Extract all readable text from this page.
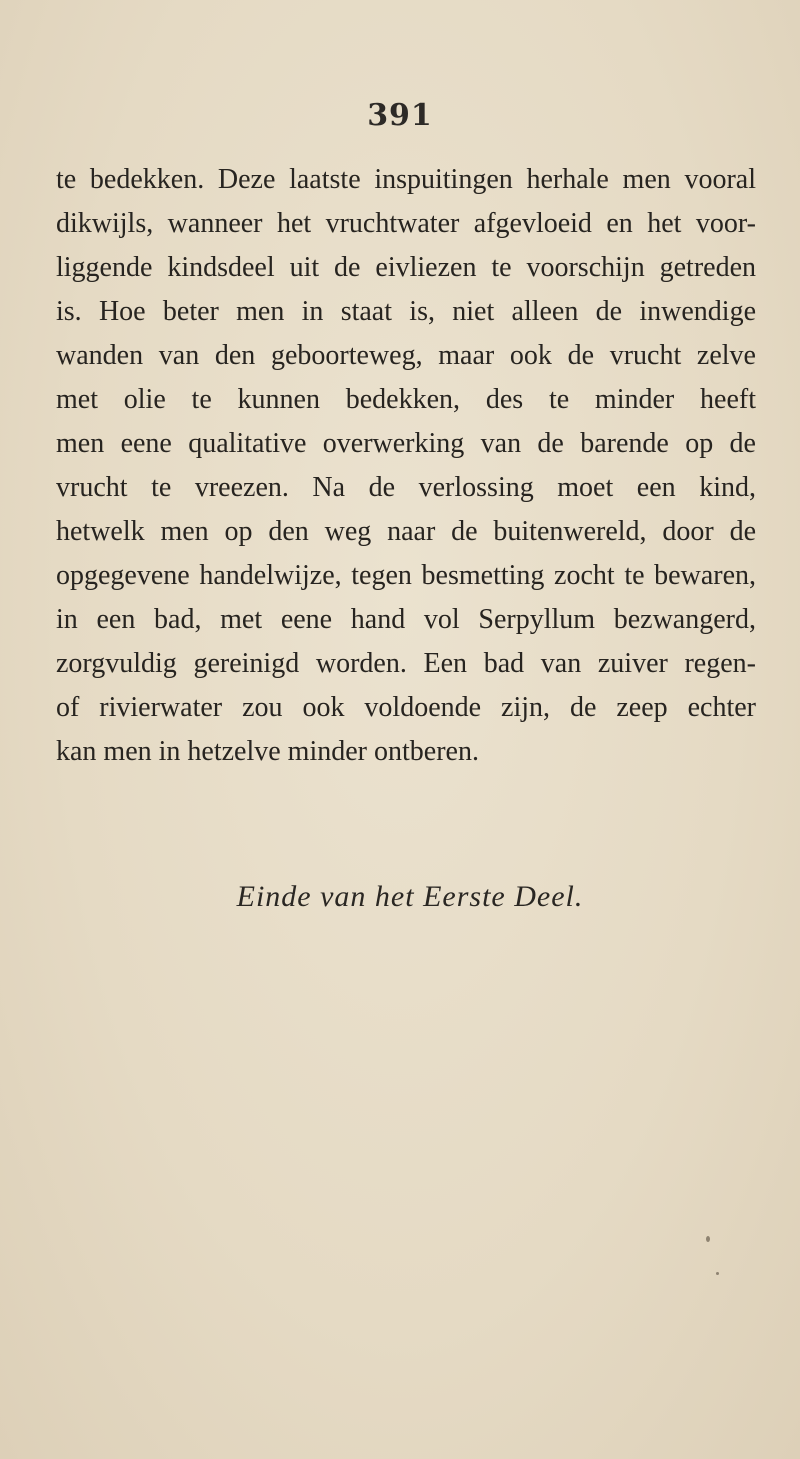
391
te bedekken. Deze laatste inspuitingen herhale men vooral
dikwijls, wanneer het vruchtwater afgevloeid en het voor-
liggende kindsdeel uit de eivliezen te voorschijn getreden
is. Hoe beter men in staat is, niet alleen de inwendige
wanden van den geboorteweg, maar ook de vrucht zelve
met olie te kunnen bedekken, des te minder heeft
men eene qualitative overwerking van de barende op de
vrucht te vreezen. Na de verlossing moet een kind,
hetwelk men op den weg naar de buitenwereld, door de
opgegevene handelwijze, tegen besmetting zocht te bewaren,
in een bad, met eene hand vol Serpyllum bezwangerd,
zorgvuldig gereinigd worden. Een bad van zuiver regen-
of rivierwater zou ook voldoende zijn, de zeep echter
kan men in hetzelve minder ontberen.
Einde van het Eerste Deel.
